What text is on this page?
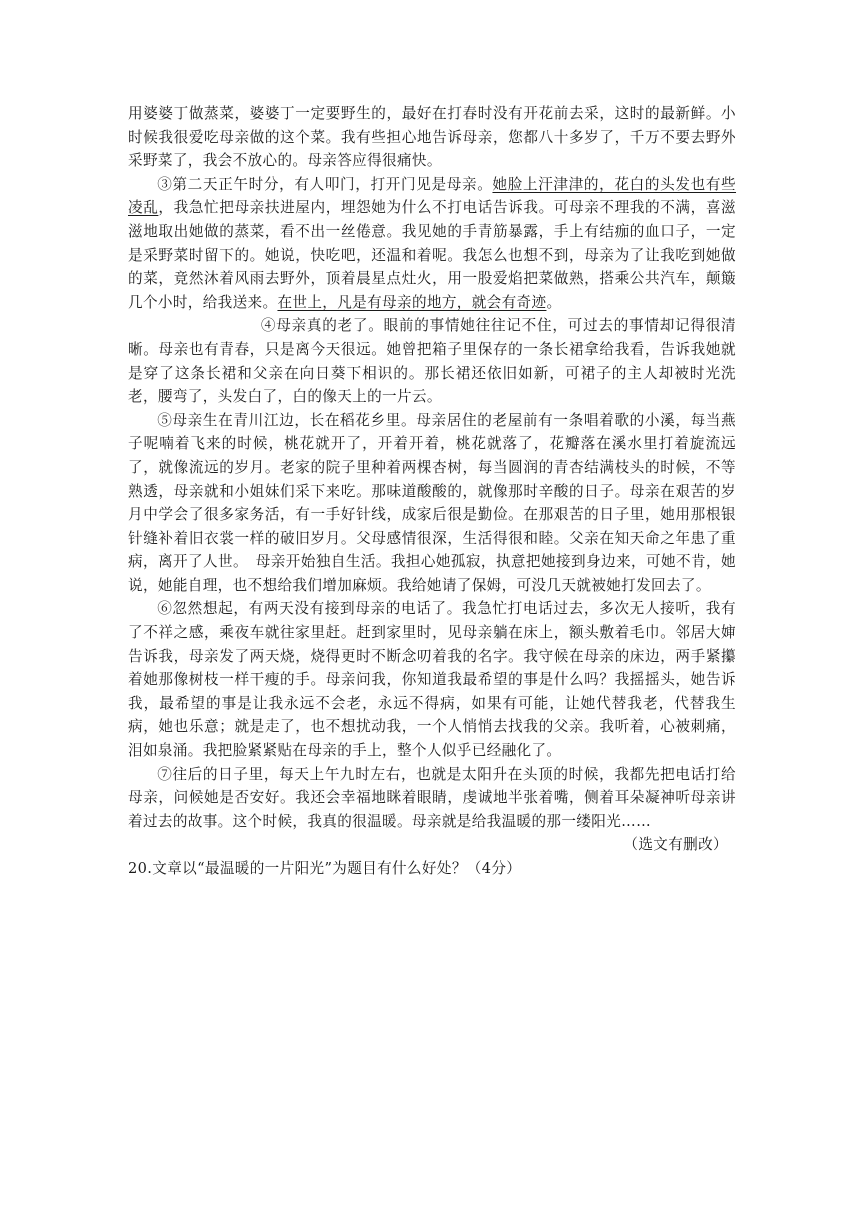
用婆婆丁做蒸菜，婆婆丁一定要野生的，最好在打春时没有开花前去采，这时的最新鲜。小时候我很爱吃母亲做的这个菜。我有些担心地告诉母亲，您都八十多岁了，千万不要去野外采野菜了，我会不放心的。母亲答应得很痛快。

③第二天正午时分，有人叩门，打开门见是母亲。她脸上汗津津的，花白的头发也有些凌乱，我急忙把母亲扶进屋内，埋怨她为什么不打电话告诉我。可母亲不理我的不满，喜滋滋地取出她做的蒸菜，看不出一丝倦意。我见她的手青筋暴露，手上有结痂的血口子，一定是采野菜时留下的。她说，快吃吧，还温和着呢。我怎么也想不到，母亲为了让我吃到她做的菜，竟然沐着风雨去野外，顶着晨星点灶火，用一股爱焰把菜做熟，搭乘公共汽车，颠簸几个小时，给我送来。在世上，凡是有母亲的地方，就会有奇迹。

④母亲真的老了。眼前的事情她往往记不住，可过去的事情却记得很清晰。母亲也有青春，只是离今天很远。她曾把箱子里保存的一条长裙拿给我看，告诉我她就是穿了这条长裙和父亲在向日葵下相识的。那长裙还依旧如新，可裙子的主人却被时光洗老，腰弯了，头发白了，白的像天上的一片云。

⑤母亲生在青川江边，长在稻花乡里。母亲居住的老屋前有一条唱着歌的小溪，每当燕子呢喃着飞来的时候，桃花就开了，开着开着，桃花就落了，花瓣落在溪水里打着旋流远了，就像流远的岁月。老家的院子里种着两棵杏树，每当圆润的青杏结满枝头的时候，不等熟透，母亲就和小姐妹们采下来吃。那味道酸酸的，就像那时辛酸的日子。母亲在艰苦的岁月中学会了很多家务活，有一手好针线，成家后很是勤俭。在那艰苦的日子里，她用那根银针缝补着旧衣裳一样的破旧岁月。父母感情很深，生活得很和睦。父亲在知天命之年患了重病，离开了人世。　母亲开始独自生活。我担心她孤寂，执意把她接到身边来，可她不肯，她说，她能自理，也不想给我们增加麻烦。我给她请了保姆，可没几天就被她打发回去了。

⑥忽然想起，有两天没有接到母亲的电话了。我急忙打电话过去，多次无人接听，我有了不祥之感，乘夜车就往家里赶。赶到家里时，见母亲躺在床上，额头敷着毛巾。邻居大婶告诉我，母亲发了两天烧，烧得更时不断念叨着我的名字。我守候在母亲的床边，两手紧攥着她那像树枝一样干瘦的手。母亲问我，你知道我最希望的事是什么吗？我摇摇头，她告诉我，最希望的事是让我永远不会老，永远不得病，如果有可能，让她代替我老，代替我生病，她也乐意；就是走了，也不想扰动我，一个人悄悄去找我的父亲。我听着，心被刺痛，泪如泉涌。我把脸紧紧贴在母亲的手上，整个人似乎已经融化了。

⑦往后的日子里，每天上午九时左右，也就是太阳升在头顶的时候，我都先把电话打给母亲，问候她是否安好。我还会幸福地眯着眼睛，虔诚地半张着嘴，侧着耳朵凝神听母亲讲着过去的故事。这个时候，我真的很温暖。母亲就是给我温暖的那一缕阳光……

（选文有删改）

20.文章以“最温暖的一片阳光”为题目有什么好处？（4分）
